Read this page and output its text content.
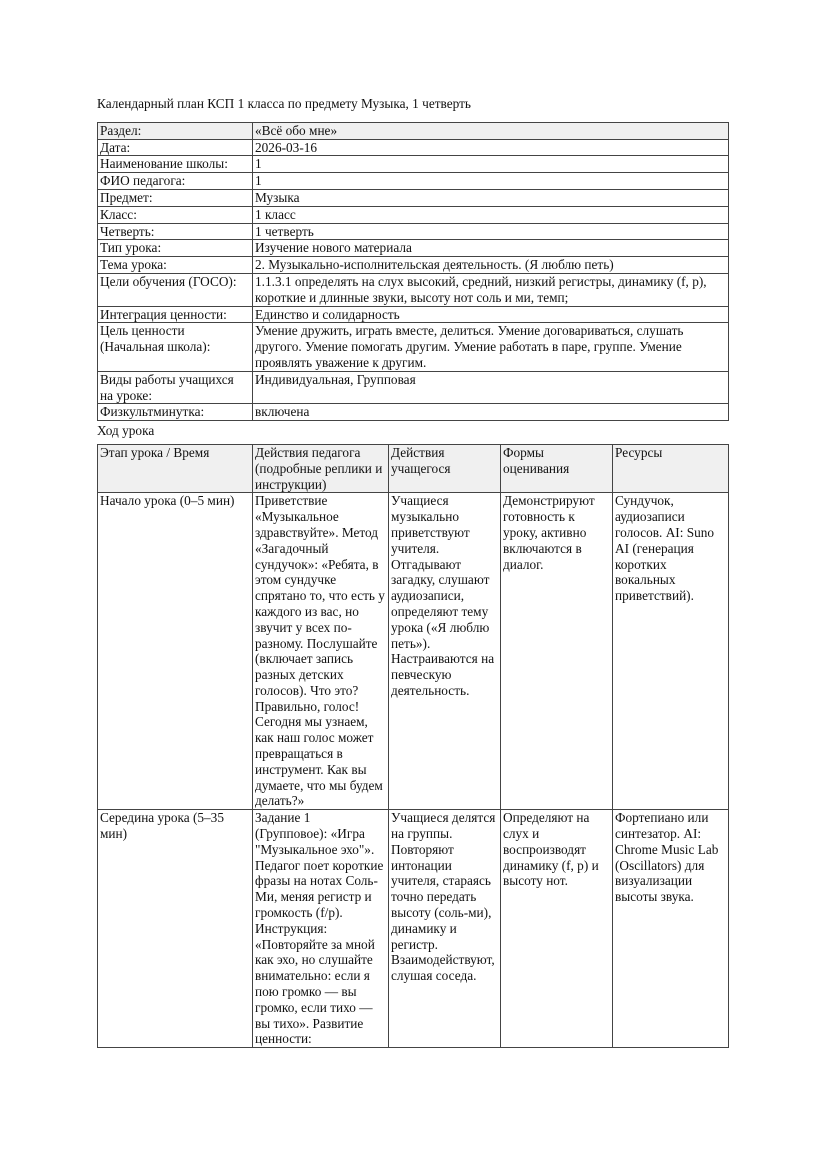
Календарный план КСП 1 класса по предмету Музыка, 1 четверть
Раздел:	«Всё обо мне»
Дата:	2026-03-16
Наименование школы:	1
ФИО педагога:	1
Предмет:	Музыка
Класс:	1 класс
Четверть:	1 четверть
Тип урока:	Изучение нового материала
Тема урока:	2. Музыкально-исполнительская деятельность. (Я люблю петь)
Цели обучения (ГОСО):	1.1.3.1 определять на слух высокий, средний, низкий регистры, динамику (f, p), короткие и длинные звуки, высоту нот соль и ми, темп;
Интеграция ценности:	Единство и солидарность
Цель ценности (Начальная школа):	Умение дружить, играть вместе, делиться. Умение договариваться, слушать другого. Умение помогать другим. Умение работать в паре, группе. Умение проявлять уважение к другим.
Виды работы учащихся на уроке:	Индивидуальная, Групповая
Физкультминутка:	включена
Ход урока
Этап урока / Время	Действия педагога (подробные реплики и инструкции)	Действия учащегося	Формы оценивания	Ресурсы
Начало урока (0–5 мин)	Приветствие «Музыкальное здравствуйте». Метод «Загадочный сундучок»: «Ребята, в этом сундучке спрятано то, что есть у каждого из вас, но звучит у всех по-разному. Послушайте (включает запись разных детских голосов). Что это? Правильно, голос! Сегодня мы узнаем, как наш голос может превращаться в инструмент. Как вы думаете, что мы будем делать?»	Учащиеся музыкально приветствуют учителя. Отгадывают загадку, слушают аудиозаписи, определяют тему урока («Я люблю петь»). Настраиваются на певческую деятельность.	Демонстрируют готовность к уроку, активно включаются в диалог.	Сундучок, аудиозаписи голосов. AI: Suno AI (генерация коротких вокальных приветствий).
Середина урока (5–35 мин)	Задание 1 (Групповое): «Игра "Музыкальное эхо"». Педагог поет короткие фразы на нотах Соль-Ми, меняя регистр и громкость (f/p). Инструкция: «Повторяйте за мной как эхо, но слушайте внимательно: если я пою громко — вы громко, если тихо — вы тихо». Развитие ценности:	Учащиеся делятся на группы. Повторяют интонации учителя, стараясь точно передать высоту (соль-ми), динамику и регистр. Взаимодействуют, слушая соседа.	Определяют на слух и воспроизводят динамику (f, p) и высоту нот.	Фортепиано или синтезатор. AI: Chrome Music Lab (Oscillators) для визуализации высоты звука.
